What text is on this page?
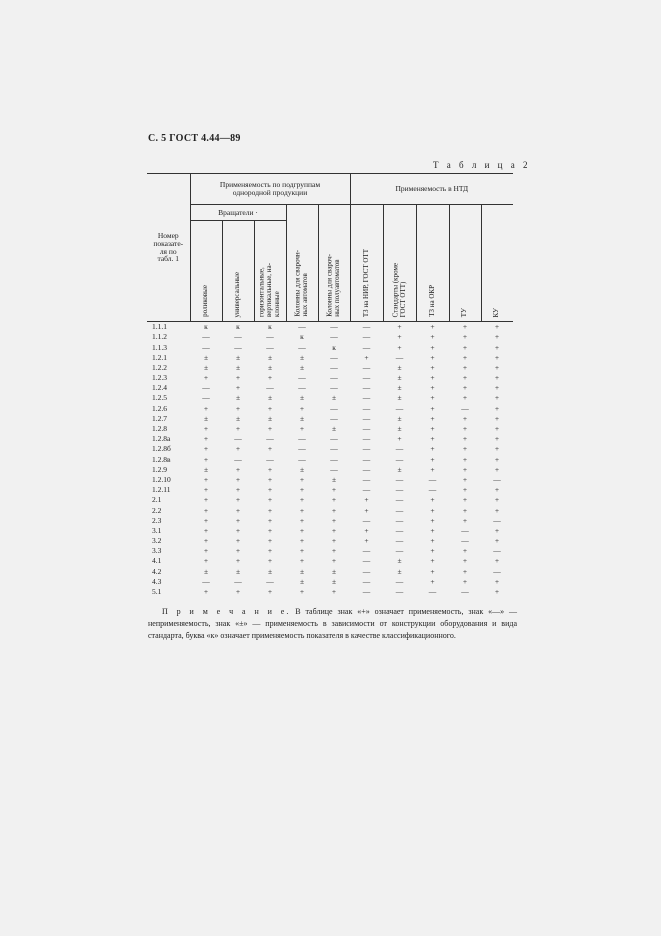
С. 5 ГОСТ 4.44—89
Т а б л и ц а 2
Номер
показате-
ля по
табл. 1	Применяемость по подгруппам
однородной продукции					Применяемость в НТД				
	Вращатели ·			Колонны для сварочн-
ных автоматов	Колонны для свароч-
ных полуавтоматов	ТЗ на НИР, ГОСТ ОТТ	Стандарты (кроме
ГОСТ ОТТ)	ТЗ на ОКР	ТУ	КУ

	роликовые	универсальные	горизонтальные,
вертикальные, на-
клонные							

1.1.1	к	к	к	—	—	—	+	+	+	+
1.1.2	—	—	—	к	—	—	+	+	+	+
1.1.3	—	—	—	—	к	—	+	+	+	+
1.2.1	±	±	±	±	—	+	—	+	+	+
1.2.2	±	±	±	±	—	—	±	+	+	+
1.2.3	+	+	+	—	—	—	±	+	+	+
1.2.4	—	+	—	—	—	—	±	+	+	+
1.2.5	—	±	±	±	±	—	±	+	+	+
1.2.6	+	+	+	+	—	—	—	+	—	+
1.2.7	±	±	±	±	—	—	±	+	+	+
1.2.8	+	+	+	+	±	—	±	+	+	+
1.2.8а	+	—	—	—	—	—	+	+	+	+
1.2.8б	+	+	+	—	—	—	—	+	+	+
1.2.8в	+	—	—	—	—	—	—	+	+	+
1.2.9	±	+	+	±	—	—	±	+	+	+
1.2.10	+	+	+	+	±	—	—	—	+	—
1.2.11	+	+	+	+	+	—	—	—	+	+
2.1	+	+	+	+	+	+	—	+	+	+
2.2	+	+	+	+	+	+	—	+	+	+
2.3	+	+	+	+	+	—	—	+	+	—
3.1	+	+	+	+	+	+	—	+	—	+
3.2	+	+	+	+	+	+	—	+	—	+
3.3	+	+	+	+	+	—	—	+	+	—
4.1	+	+	+	+	+	—	±	+	+	+
4.2	±	±	±	±	±	—	±	+	+	—
4.3	—	—	—	±	±	—	—	+	+	+
5.1	+	+	+	+	+	—	—	—	—	+
П р и м е ч а н и е. В таблице знак «+» означает применяемость, знак «—» — неприменяемость, знак «±» — применяемость в зависимости от конструкции оборудования и вида стандарта, буква «к» означает применяемость показателя в качестве классификационного.
